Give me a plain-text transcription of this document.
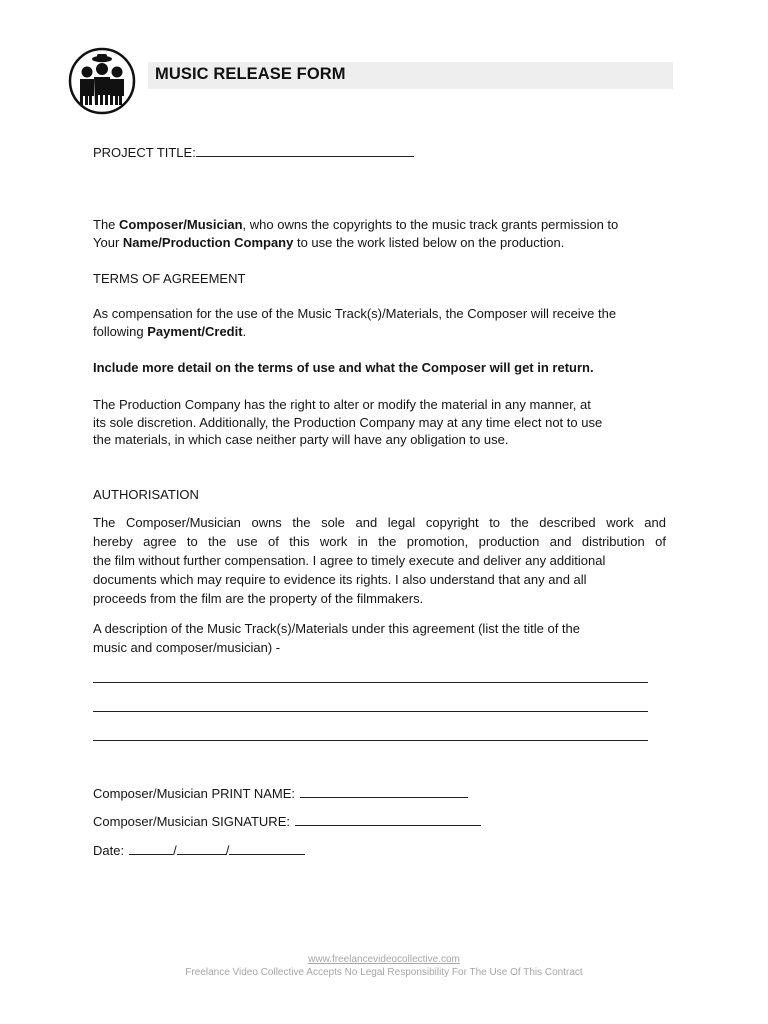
MUSIC RELEASE FORM
PROJECT TITLE:
The Composer/Musician, who owns the copyrights to the music track grants permission to
Your Name/Production Company to use the work listed below on the production.
TERMS OF AGREEMENT
As compensation for the use of the Music Track(s)/Materials, the Composer will receive the
following Payment/Credit.
Include more detail on the terms of use and what the Composer will get in return.
The Production Company has the right to alter or modify the material in any manner, at
its sole discretion. Additionally, the Production Company may at any time elect not to use
the materials, in which case neither party will have any obligation to use.
AUTHORISATION
The Composer/Musician owns the sole and legal copyright to the described work and
hereby agree to the use of this work in the promotion, production and distribution of
the film without further compensation. I agree to timely execute and deliver any additional
documents which may require to evidence its rights. I also understand that any and all
proceeds from the film are the property of the filmmakers.
A description of the Music Track(s)/Materials under this agreement (list the title of the
music and composer/musician) -
Composer/Musician PRINT NAME:
Composer/Musician SIGNATURE:
Date:	/	/
www.freelancevideocollective.com
Freelance Video Collective Accepts No Legal Responsibility For The Use Of This Contract
